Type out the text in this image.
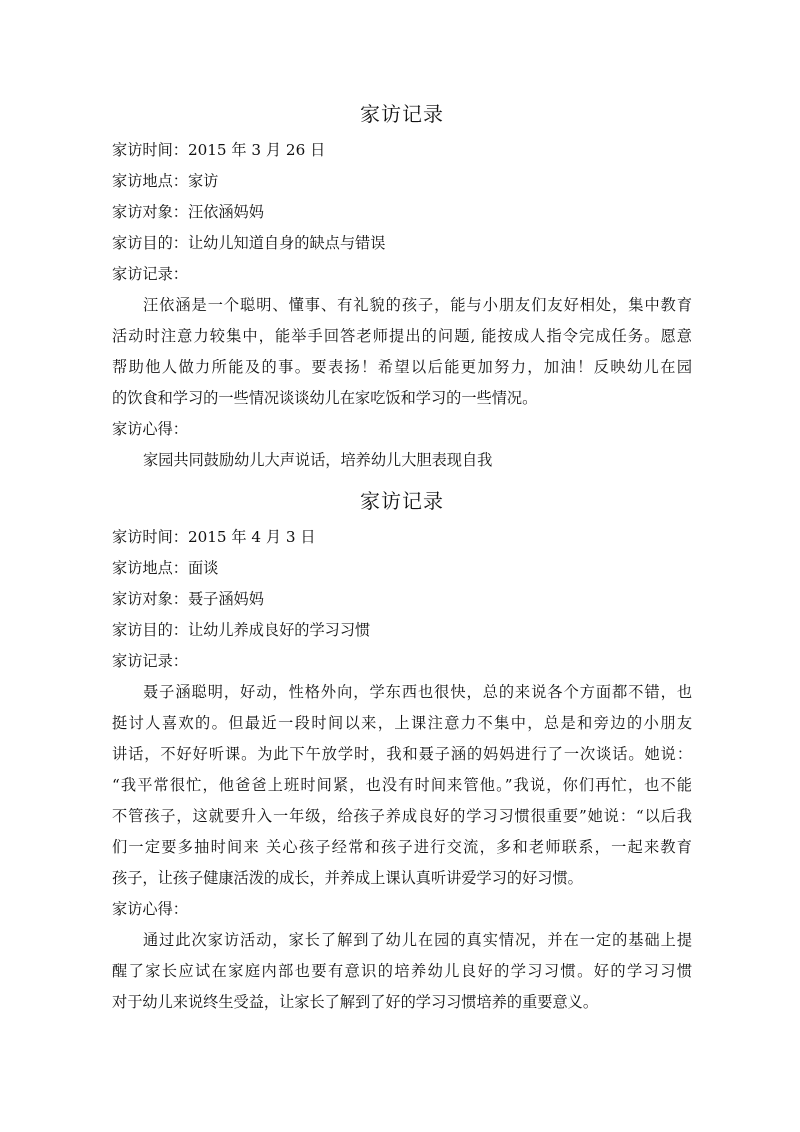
家访记录
家访时间：2015 年 3 月 26 日
家访地点：家访
家访对象：汪依涵妈妈
家访目的：让幼儿知道自身的缺点与错误
家访记录：
汪依涵是一个聪明、懂事、有礼貌的孩子，能与小朋友们友好相处，集中教育
活动时注意力较集中，能举手回答老师提出的问题, 能按成人指令完成任务。愿意
帮助他人做力所能及的事。要表扬！希望以后能更加努力，加油！反映幼儿在园
的饮食和学习的一些情况谈谈幼儿在家吃饭和学习的一些情况。
家访心得：
家园共同鼓励幼儿大声说话，培养幼儿大胆表现自我
家访记录
家访时间：2015 年 4 月 3 日
家访地点：面谈
家访对象：聂子涵妈妈
家访目的：让幼儿养成良好的学习习惯
家访记录：
聂子涵聪明，好动，性格外向，学东西也很快，总的来说各个方面都不错，也
挺讨人喜欢的。但最近一段时间以来，上课注意力不集中，总是和旁边的小朋友
讲话，不好好听课。为此下午放学时，我和聂子涵的妈妈进行了一次谈话。她说：
“我平常很忙，他爸爸上班时间紧，也没有时间来管他。”我说，你们再忙，也不能
不管孩子，这就要升入一年级，给孩子养成良好的学习习惯很重要”她说：“以后我
们一定要多抽时间来 关心孩子经常和孩子进行交流，多和老师联系，一起来教育
孩子，让孩子健康活泼的成长，并养成上课认真听讲爱学习的好习惯。
家访心得：
通过此次家访活动，家长了解到了幼儿在园的真实情况，并在一定的基础上提
醒了家长应试在家庭内部也要有意识的培养幼儿良好的学习习惯。好的学习习惯
对于幼儿来说终生受益，让家长了解到了好的学习习惯培养的重要意义。
